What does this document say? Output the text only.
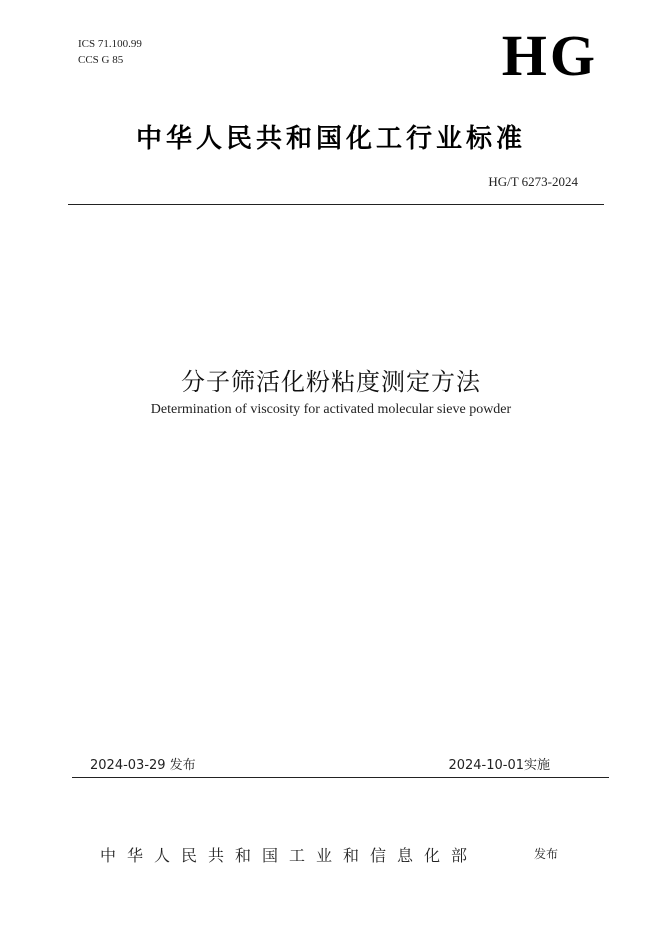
ICS 71.100.99
CCS G 85	HG
中华人民共和国化工行业标准
HG/T 6273-2024
分子筛活化粉粘度测定方法
Determination of viscosity for activated molecular sieve powder
2024-03-29 发布	2024-10-01实施
中华人民共和国工业和信息化部	发布
